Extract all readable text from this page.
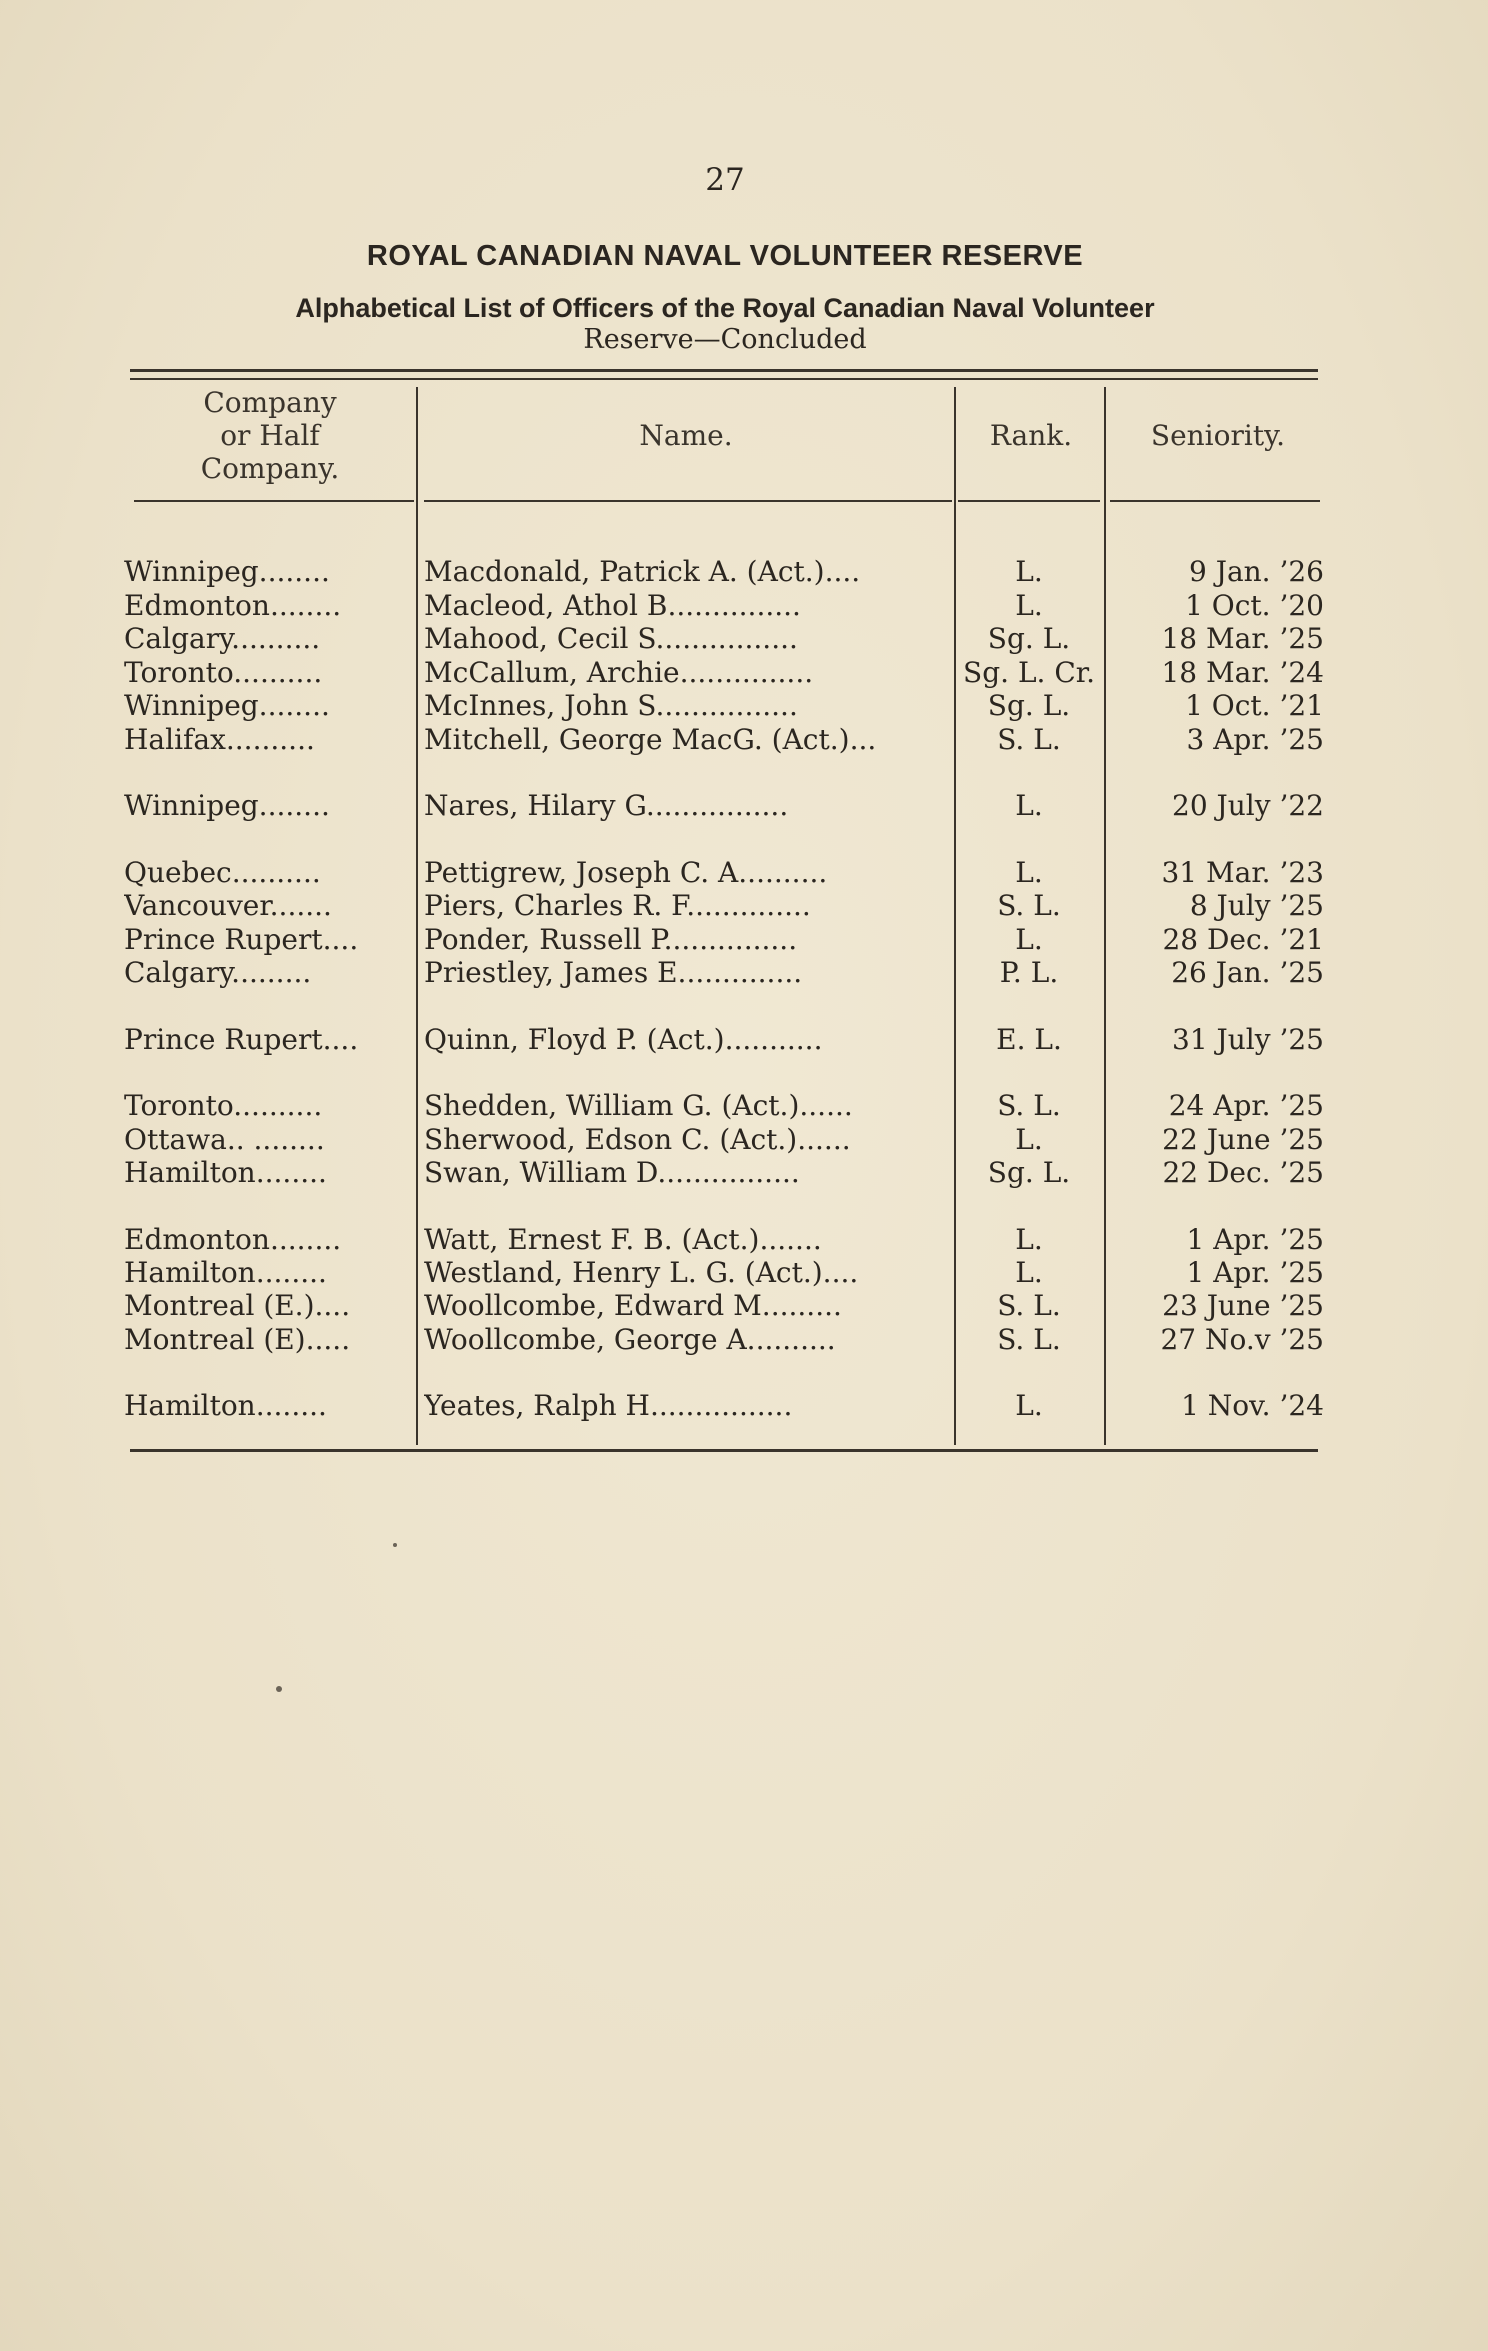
27
ROYAL CANADIAN NAVAL VOLUNTEER RESERVE
Alphabetical List of Officers of the Royal Canadian Naval Volunteer
Reserve—Concluded
Company
or Half
Company.
Name.	Rank.	Seniority.
Winnipeg........	Macdonald, Patrick A. (Act.)....	L.	9 Jan. ’26
Edmonton........	Macleod, Athol B...............	L.	1 Oct. ’20
Calgary..........	Mahood, Cecil S................	Sg. L.	18 Mar. ’25
Toronto..........	McCallum, Archie...............	Sg. L. Cr.	18 Mar. ’24
Winnipeg........	McInnes, John S................	Sg. L.	1 Oct. ’21
Halifax..........	Mitchell, George MacG. (Act.)...	S. L.	3 Apr. ’25
Winnipeg........	Nares, Hilary G................	L.	20 July ’22
Quebec..........	Pettigrew, Joseph C. A..........	L.	31 Mar. ’23
Vancouver.......	Piers, Charles R. F..............	S. L.	8 July ’25
Prince Rupert....	Ponder, Russell P...............	L.	28 Dec. ’21
Calgary.........	Priestley, James E..............	P. L.	26 Jan. ’25
Prince Rupert....	Quinn, Floyd P. (Act.)...........	E. L.	31 July ’25
Toronto..........	Shedden, William G. (Act.)......	S. L.	24 Apr. ’25
Ottawa.. ........	Sherwood, Edson C. (Act.)......	L.	22 June ’25
Hamilton........	Swan, William D................	Sg. L.	22 Dec. ’25
Edmonton........	Watt, Ernest F. B. (Act.).......	L.	1 Apr. ’25
Hamilton........	Westland, Henry L. G. (Act.)....	L.	1 Apr. ’25
Montreal (E.)....	Woollcombe, Edward M.........	S. L.	23 June ’25
Montreal (E).....	Woollcombe, George A..........	S. L.	27 No.v ’25
Hamilton........	Yeates, Ralph H................	L.	1 Nov. ’24
